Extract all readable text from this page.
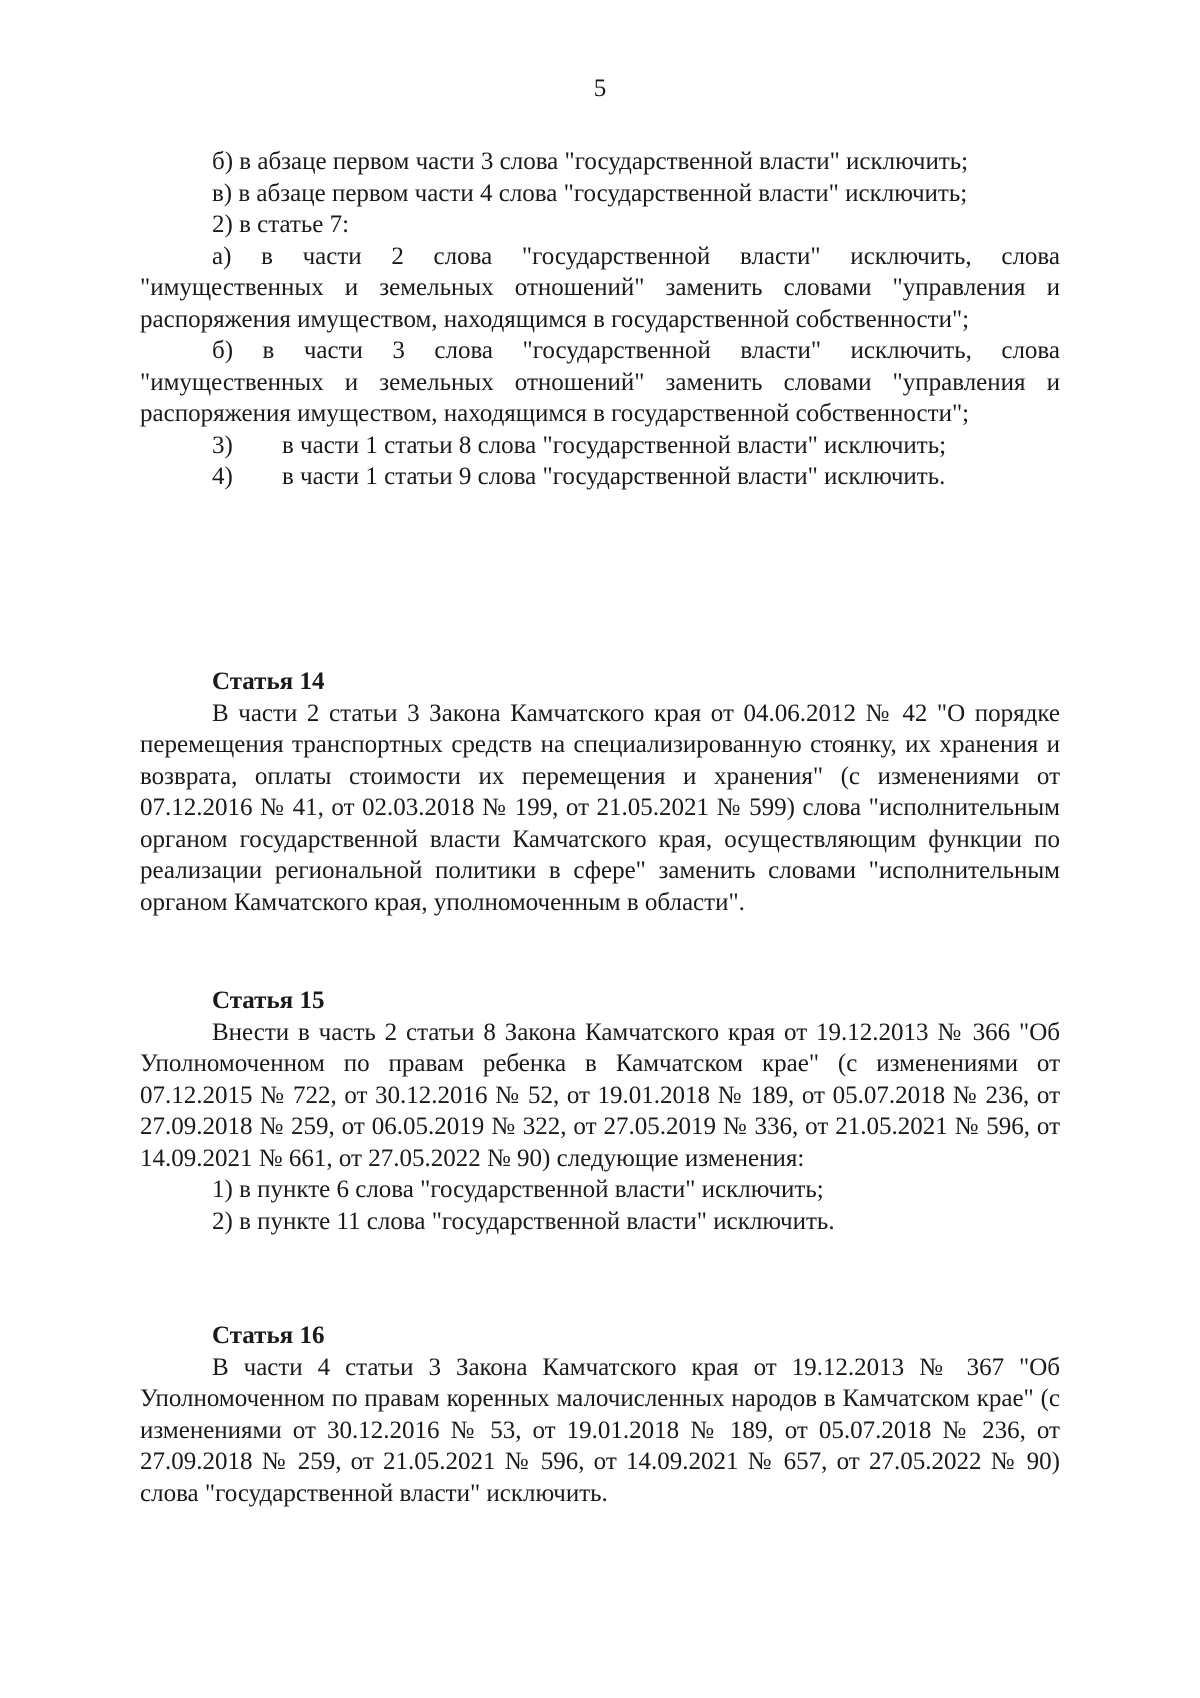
5

б) в абзаце первом части 3 слова "государственной власти" исключить;

в) в абзаце первом части 4 слова "государственной власти" исключить;

2) в статье 7:

а) в части 2 слова "государственной власти" исключить, слова "имущественных и земельных отношений" заменить словами "управления и распоряжения имуществом, находящимся в государственной собственности";

б) в части 3 слова "государственной власти" исключить, слова "имущественных и земельных отношений" заменить словами "управления и распоряжения имуществом, находящимся в государственной собственности";

3) в части 1 статьи 8 слова "государственной власти" исключить;

4) в части 1 статьи 9 слова "государственной власти" исключить.

Статья 14

В части 2 статьи 3 Закона Камчатского края от 04.06.2012 № 42 "О порядке перемещения транспортных средств на специализированную стоянку, их хранения и возврата, оплаты стоимости их перемещения и хранения" (с изменениями от 07.12.2016 № 41, от 02.03.2018 № 199, от 21.05.2021 № 599) слова "исполнительным органом государственной власти Камчатского края, осуществляющим функции по реализации региональной политики в сфере" заменить словами "исполнительным органом Камчатского края, уполномоченным в области".

Статья 15

Внести в часть 2 статьи 8 Закона Камчатского края от 19.12.2013 № 366 "Об Уполномоченном по правам ребенка в Камчатском крае" (с изменениями от 07.12.2015 № 722, от 30.12.2016 № 52, от 19.01.2018 № 189, от 05.07.2018 № 236, от 27.09.2018 № 259, от 06.05.2019 № 322, от 27.05.2019 № 336, от 21.05.2021 № 596, от 14.09.2021 № 661, от 27.05.2022 № 90) следующие изменения:

1) в пункте 6 слова "государственной власти" исключить;

2) в пункте 11 слова "государственной власти" исключить.

Статья 16

В части 4 статьи 3 Закона Камчатского края от 19.12.2013 № 367 "Об Уполномоченном по правам коренных малочисленных народов в Камчатском крае" (с изменениями от 30.12.2016 № 53, от 19.01.2018 № 189, от 05.07.2018 № 236, от 27.09.2018 № 259, от 21.05.2021 № 596, от 14.09.2021 № 657, от 27.05.2022 № 90) слова "государственной власти" исключить.
